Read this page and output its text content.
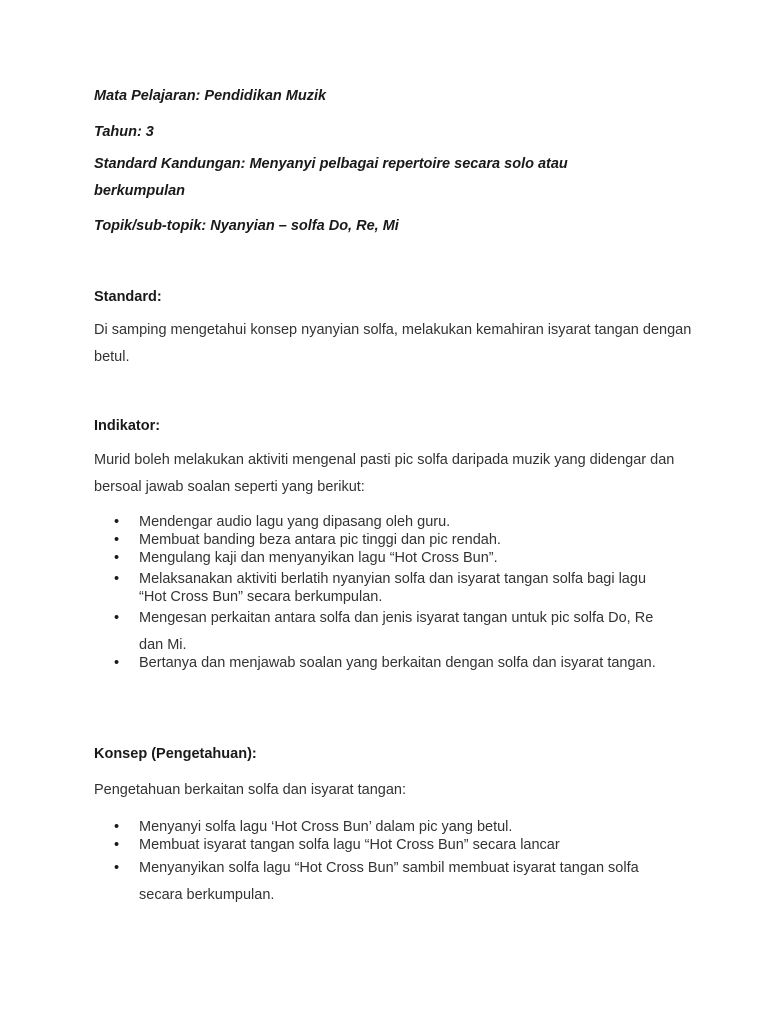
Mata Pelajaran: Pendidikan Muzik

Tahun: 3

Standard Kandungan: Menyanyi pelbagai repertoire secara solo atau berkumpulan

Topik/sub-topik: Nyanyian – solfa Do, Re, Mi

Standard:

Di samping mengetahui konsep nyanyian solfa, melakukan kemahiran isyarat tangan dengan betul.

Indikator:

Murid boleh melakukan aktiviti mengenal pasti pic solfa daripada muzik yang didengar dan bersoal jawab soalan seperti yang berikut:

•	Mendengar audio lagu yang dipasang oleh guru.
•	Membuat banding beza antara pic tinggi dan pic rendah.
•	Mengulang kaji dan menyanyikan lagu “Hot Cross Bun”.
•	Melaksanakan aktiviti berlatih nyanyian solfa dan isyarat tangan solfa bagi lagu “Hot Cross Bun” secara berkumpulan.
•	Mengesan perkaitan antara solfa dan jenis isyarat tangan untuk pic solfa Do, Re dan Mi.
•	Bertanya dan menjawab soalan yang berkaitan dengan solfa dan isyarat tangan.

Konsep (Pengetahuan):

Pengetahuan berkaitan solfa dan isyarat tangan:

•	Menyanyi solfa lagu ‘Hot Cross Bun’ dalam pic yang betul.
•	Membuat isyarat tangan solfa lagu “Hot Cross Bun” secara lancar
•	Menyanyikan solfa lagu “Hot Cross Bun” sambil membuat isyarat tangan solfa secara berkumpulan.
